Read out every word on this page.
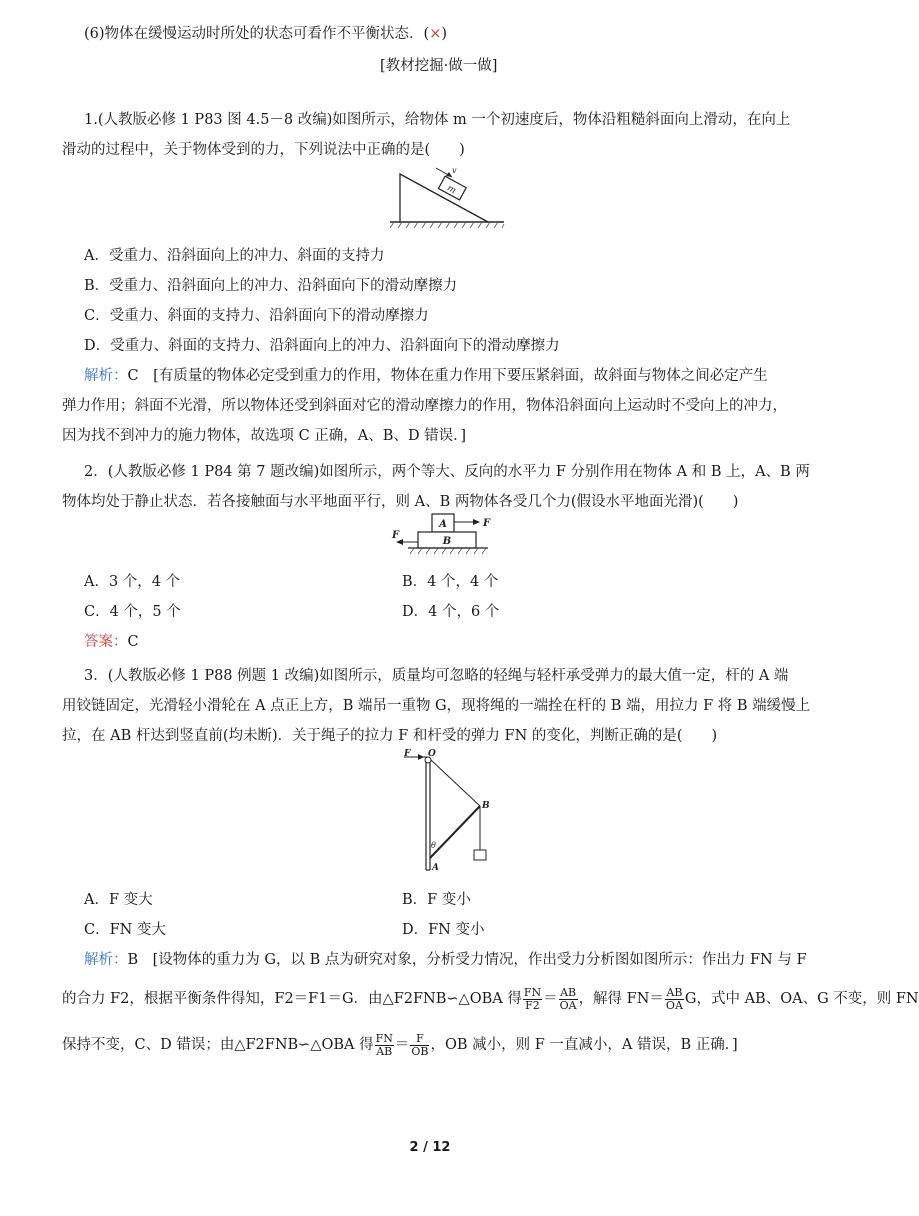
(6)物体在缓慢运动时所处的状态可看作不平衡状态．(×)
[教材挖掘·做一做]
1.(人教版必修 1 P83 图 4.5－8 改编)如图所示，给物体 m 一个初速度后，物体沿粗糙斜面向上滑动，在向上
滑动的过程中，关于物体受到的力，下列说法中正确的是(　　)
m
v
A．受重力、沿斜面向上的冲力、斜面的支持力
B．受重力、沿斜面向上的冲力、沿斜面向下的滑动摩擦力
C．受重力、斜面的支持力、沿斜面向下的滑动摩擦力
D．受重力、斜面的支持力、沿斜面向上的冲力、沿斜面向下的滑动摩擦力
解析：C　[有质量的物体必定受到重力的作用，物体在重力作用下要压紧斜面，故斜面与物体之间必定产生
弹力作用；斜面不光滑，所以物体还受到斜面对它的滑动摩擦力的作用，物体沿斜面向上运动时不受向上的冲力，
因为找不到冲力的施力物体，故选项 C 正确，A、B、D 错误．]
2．(人教版必修 1 P84 第 7 题改编)如图所示，两个等大、反向的水平力 F 分别作用在物体 A 和 B 上，A、B 两
物体均处于静止状态．若各接触面与水平地面平行，则 A、B 两物体各受几个力(假设水平地面光滑)(　　)
A
B
F
F
A．3 个，4 个	B．4 个，4 个
C．4 个，5 个	D．4 个，6 个
答案：C
3．(人教版必修 1 P88 例题 1 改编)如图所示，质量均可忽略的轻绳与轻杆承受弹力的最大值一定，杆的 A 端
用铰链固定，光滑轻小滑轮在 A 点正上方，B 端吊一重物 G，现将绳的一端拴在杆的 B 端，用拉力 F 将 B 端缓慢上
拉，在 AB 杆达到竖直前(均未断)．关于绳子的拉力 F 和杆受的弹力 FN 的变化，判断正确的是(　　)
F O
B
θ
A
A．F 变大	B．F 变小
C．FN 变大	D．FN 变小
解析：B　[设物体的重力为 G，以 B 点为研究对象，分析受力情况，作出受力分析图如图所示：作出力 FN 与 F
的合力 F2，根据平衡条件得知，F2＝F1＝G．由△F2FNB∽△OBA 得 $\frac{FN}{F2} = \frac{AB}{OA}$ ，解得 $FN= \frac{AB}{OA}$ G，式中 AB、OA、G 不变，则 FN
保持不变，C、D 错误；由△F2FNB∽△OBA 得 $\frac{FN}{AB} = \frac{F}{OB}$ ，OB 减小，则 F 一直减小，A 错误，B 正确．]
2 / 12
